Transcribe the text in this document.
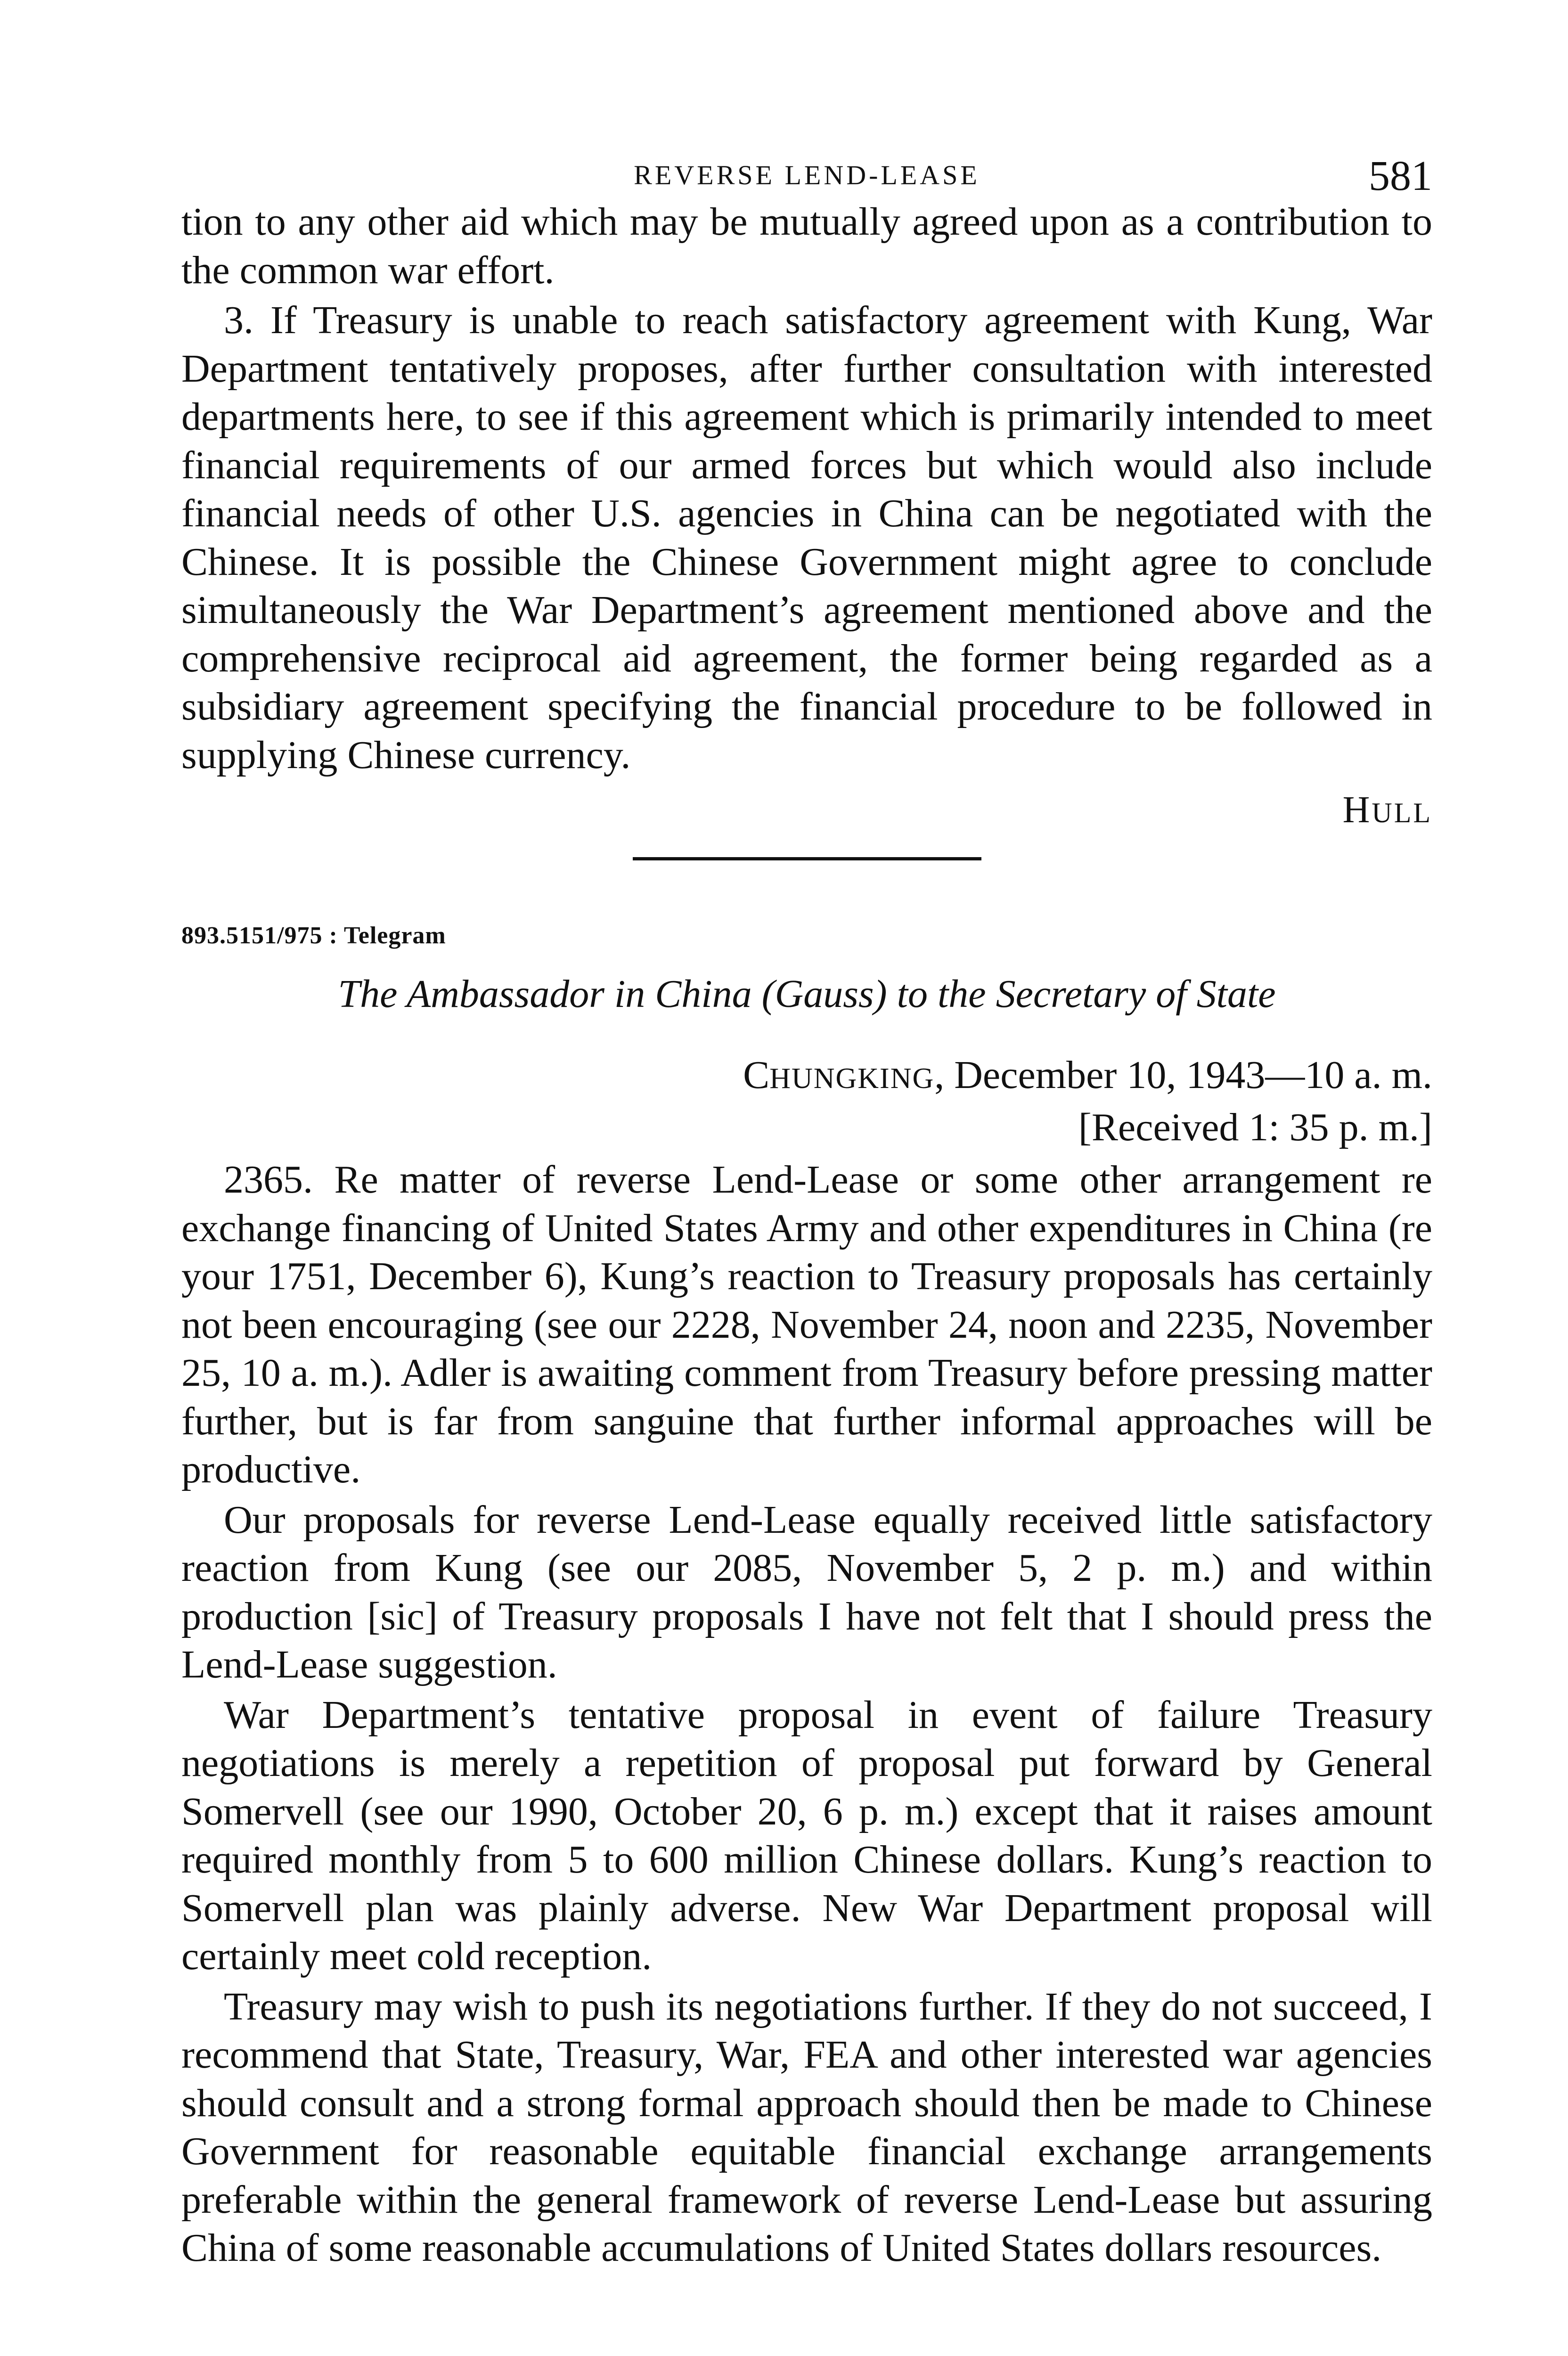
REVERSE LEND-LEASE	581

tion to any other aid which may be mutually agreed upon as a contribution to the common war effort.

3. If Treasury is unable to reach satisfactory agreement with Kung, War Department tentatively proposes, after further consultation with interested departments here, to see if this agreement which is primarily intended to meet financial requirements of our armed forces but which would also include financial needs of other U.S. agencies in China can be negotiated with the Chinese. It is possible the Chinese Government might agree to conclude simultaneously the War Department’s agreement mentioned above and the comprehensive reciprocal aid agreement, the former being regarded as a subsidiary agreement specifying the financial procedure to be followed in supplying Chinese currency.

HULL
893.5151/975 : Telegram
The Ambassador in China (Gauss) to the Secretary of State
CHUNGKING, December 10, 1943—10 a. m.
[Received 1: 35 p. m.]

2365. Re matter of reverse Lend-Lease or some other arrangement re exchange financing of United States Army and other expenditures in China (re your 1751, December 6), Kung’s reaction to Treasury proposals has certainly not been encouraging (see our 2228, November 24, noon and 2235, November 25, 10 a. m.). Adler is awaiting comment from Treasury before pressing matter further, but is far from sanguine that further informal approaches will be productive.

Our proposals for reverse Lend-Lease equally received little satisfactory reaction from Kung (see our 2085, November 5, 2 p. m.) and within production [sic] of Treasury proposals I have not felt that I should press the Lend-Lease suggestion.

War Department’s tentative proposal in event of failure Treasury negotiations is merely a repetition of proposal put forward by General Somervell (see our 1990, October 20, 6 p. m.) except that it raises amount required monthly from 5 to 600 million Chinese dollars. Kung’s reaction to Somervell plan was plainly adverse. New War Department proposal will certainly meet cold reception.

Treasury may wish to push its negotiations further. If they do not succeed, I recommend that State, Treasury, War, FEA and other interested war agencies should consult and a strong formal approach should then be made to Chinese Government for reasonable equitable financial exchange arrangements preferable within the general framework of reverse Lend-Lease but assuring China of some reasonable accumulations of United States dollars resources.
